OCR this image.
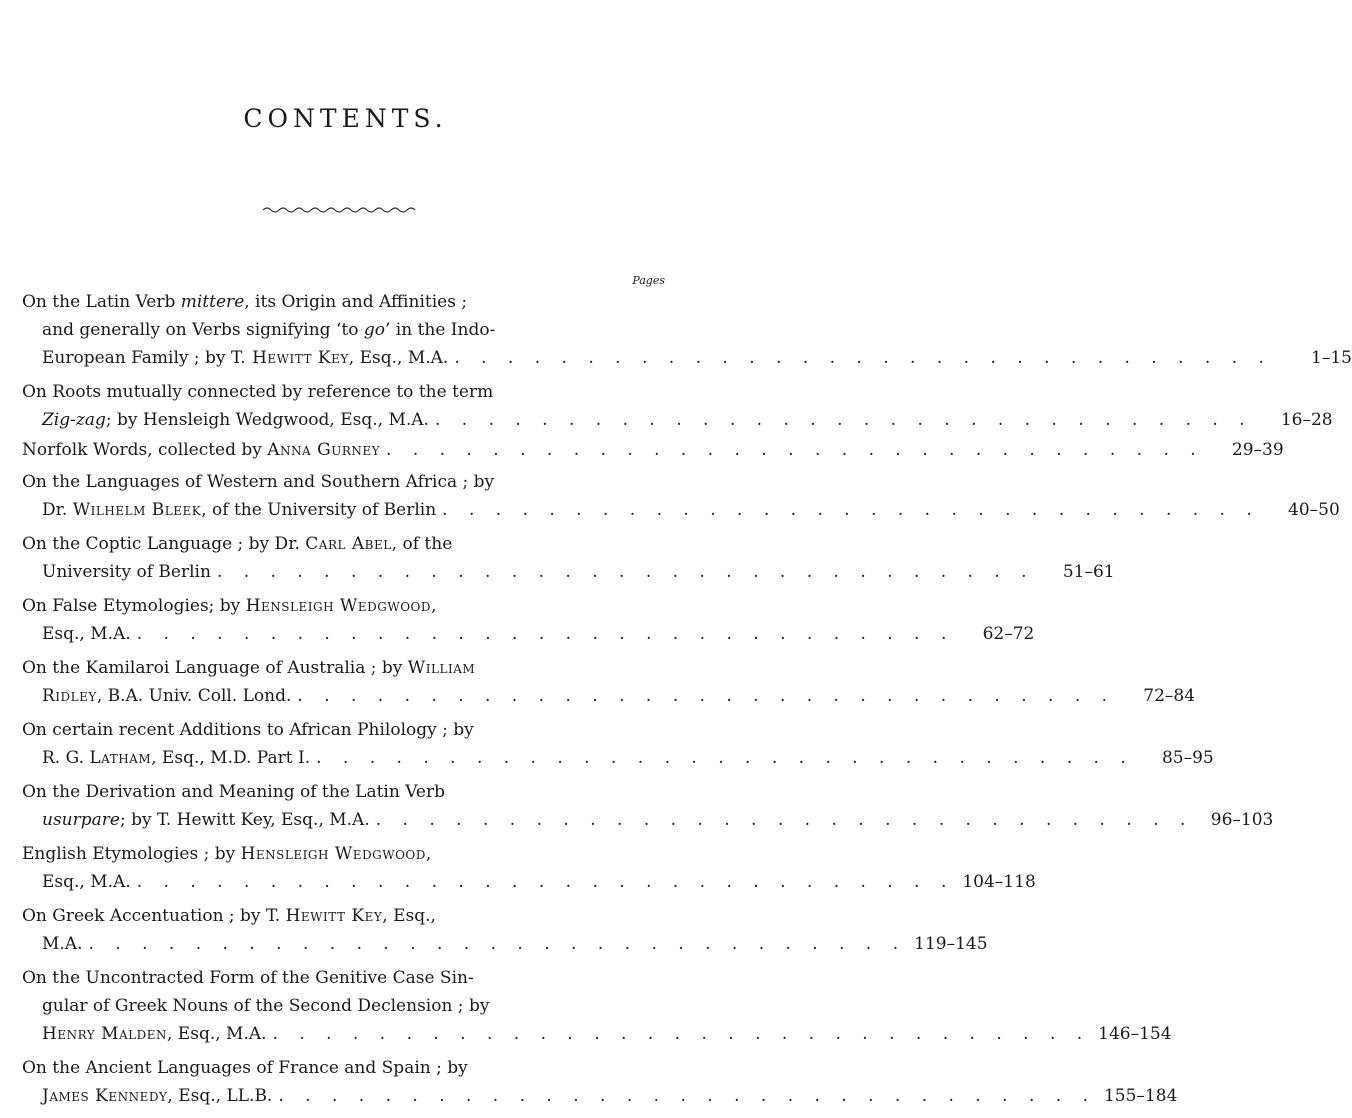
CONTENTS.
Pages
On the Latin Verb mittere, its Origin and Affinities ;
and generally on Verbs signifying ‘to go’ in the Indo-
European Family ; by T. Hewitt Key, Esq., M.A. . . . . . . . . . . . . . . . . . . . . . . . . . . . . . . .	1–15
On Roots mutually connected by reference to the term
Zig-zag; by Hensleigh Wedgwood, Esq., M.A. . . . . . . . . . . . . . . . . . . . . . . . . . . . . . . .	16–28
Norfolk Words, collected by Anna Gurney . . . . . . . . . . . . . . . . . . . . . . . . . . . . . . .	29–39
On the Languages of Western and Southern Africa ; by
Dr. Wilhelm Bleek, of the University of Berlin . . . . . . . . . . . . . . . . . . . . . . . . . . . . . . .	40–50
On the Coptic Language ; by Dr. Carl Abel, of the
University of Berlin . . . . . . . . . . . . . . . . . . . . . . . . . . . . . . .	51–61
On False Etymologies; by Hensleigh Wedgwood,
Esq., M.A. . . . . . . . . . . . . . . . . . . . . . . . . . . . . . . .	62–72
On the Kamilaroi Language of Australia ; by William
Ridley, B.A. Univ. Coll. Lond. . . . . . . . . . . . . . . . . . . . . . . . . . . . . . . .	72–84
On certain recent Additions to African Philology ; by
R. G. Latham, Esq., M.D. Part I. . . . . . . . . . . . . . . . . . . . . . . . . . . . . . . .	85–95
On the Derivation and Meaning of the Latin Verb
usurpare; by T. Hewitt Key, Esq., M.A. . . . . . . . . . . . . . . . . . . . . . . . . . . . . . . .	96–103
English Etymologies ; by Hensleigh Wedgwood,
Esq., M.A. . . . . . . . . . . . . . . . . . . . . . . . . . . . . . . . 104–118
On Greek Accentuation ; by T. Hewitt Key, Esq.,
M.A. . . . . . . . . . . . . . . . . . . . . . . . . . . . . . . . 119–145
On the Uncontracted Form of the Genitive Case Sin-
gular of Greek Nouns of the Second Declension ; by
Henry Malden, Esq., M.A. . . . . . . . . . . . . . . . . . . . . . . . . . . . . . . . 146–154
On the Ancient Languages of France and Spain ; by
James Kennedy, Esq., LL.B. . . . . . . . . . . . . . . . . . . . . . . . . . . . . . . . 155–184
